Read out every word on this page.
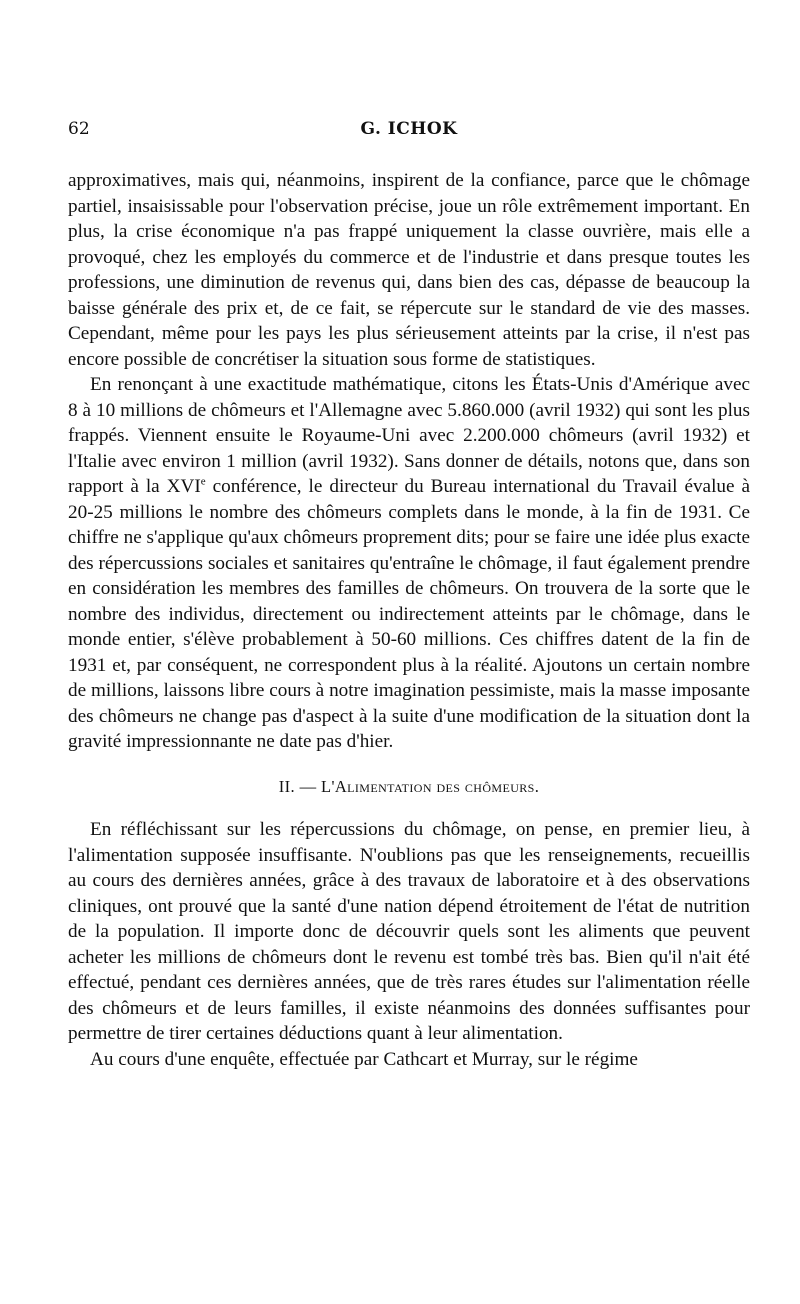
62	G. ICHOK

approximatives, mais qui, néanmoins, inspirent de la confiance, parce que le chômage partiel, insaisissable pour l'observation précise, joue un rôle extrêmement important. En plus, la crise économique n'a pas frappé uniquement la classe ouvrière, mais elle a provoqué, chez les employés du commerce et de l'industrie et dans presque toutes les professions, une diminution de revenus qui, dans bien des cas, dépasse de beaucoup la baisse générale des prix et, de ce fait, se répercute sur le standard de vie des masses. Cependant, même pour les pays les plus sérieusement atteints par la crise, il n'est pas encore possible de concrétiser la situation sous forme de statistiques.

En renonçant à une exactitude mathématique, citons les États-Unis d'Amérique avec 8 à 10 millions de chômeurs et l'Allemagne avec 5.860.000 (avril 1932) qui sont les plus frappés. Viennent ensuite le Royaume-Uni avec 2.200.000 chômeurs (avril 1932) et l'Italie avec environ 1 million (avril 1932). Sans donner de détails, notons que, dans son rapport à la XVIe conférence, le directeur du Bureau international du Travail évalue à 20-25 millions le nombre des chômeurs complets dans le monde, à la fin de 1931. Ce chiffre ne s'applique qu'aux chômeurs proprement dits; pour se faire une idée plus exacte des répercussions sociales et sanitaires qu'entraîne le chômage, il faut également prendre en considération les membres des familles de chômeurs. On trouvera de la sorte que le nombre des individus, directement ou indirectement atteints par le chômage, dans le monde entier, s'élève probablement à 50-60 millions. Ces chiffres datent de la fin de 1931 et, par conséquent, ne correspondent plus à la réalité. Ajoutons un certain nombre de millions, laissons libre cours à notre imagination pessimiste, mais la masse imposante des chômeurs ne change pas d'aspect à la suite d'une modification de la situation dont la gravité impressionnante ne date pas d'hier.

II. — L'Alimentation des chômeurs.

En réfléchissant sur les répercussions du chômage, on pense, en premier lieu, à l'alimentation supposée insuffisante. N'oublions pas que les renseignements, recueillis au cours des dernières années, grâce à des travaux de laboratoire et à des observations cliniques, ont prouvé que la santé d'une nation dépend étroitement de l'état de nutrition de la population. Il importe donc de découvrir quels sont les aliments que peuvent acheter les millions de chômeurs dont le revenu est tombé très bas. Bien qu'il n'ait été effectué, pendant ces dernières années, que de très rares études sur l'alimentation réelle des chômeurs et de leurs familles, il existe néanmoins des données suffisantes pour permettre de tirer certaines déductions quant à leur alimentation.

Au cours d'une enquête, effectuée par Cathcart et Murray, sur le régime
